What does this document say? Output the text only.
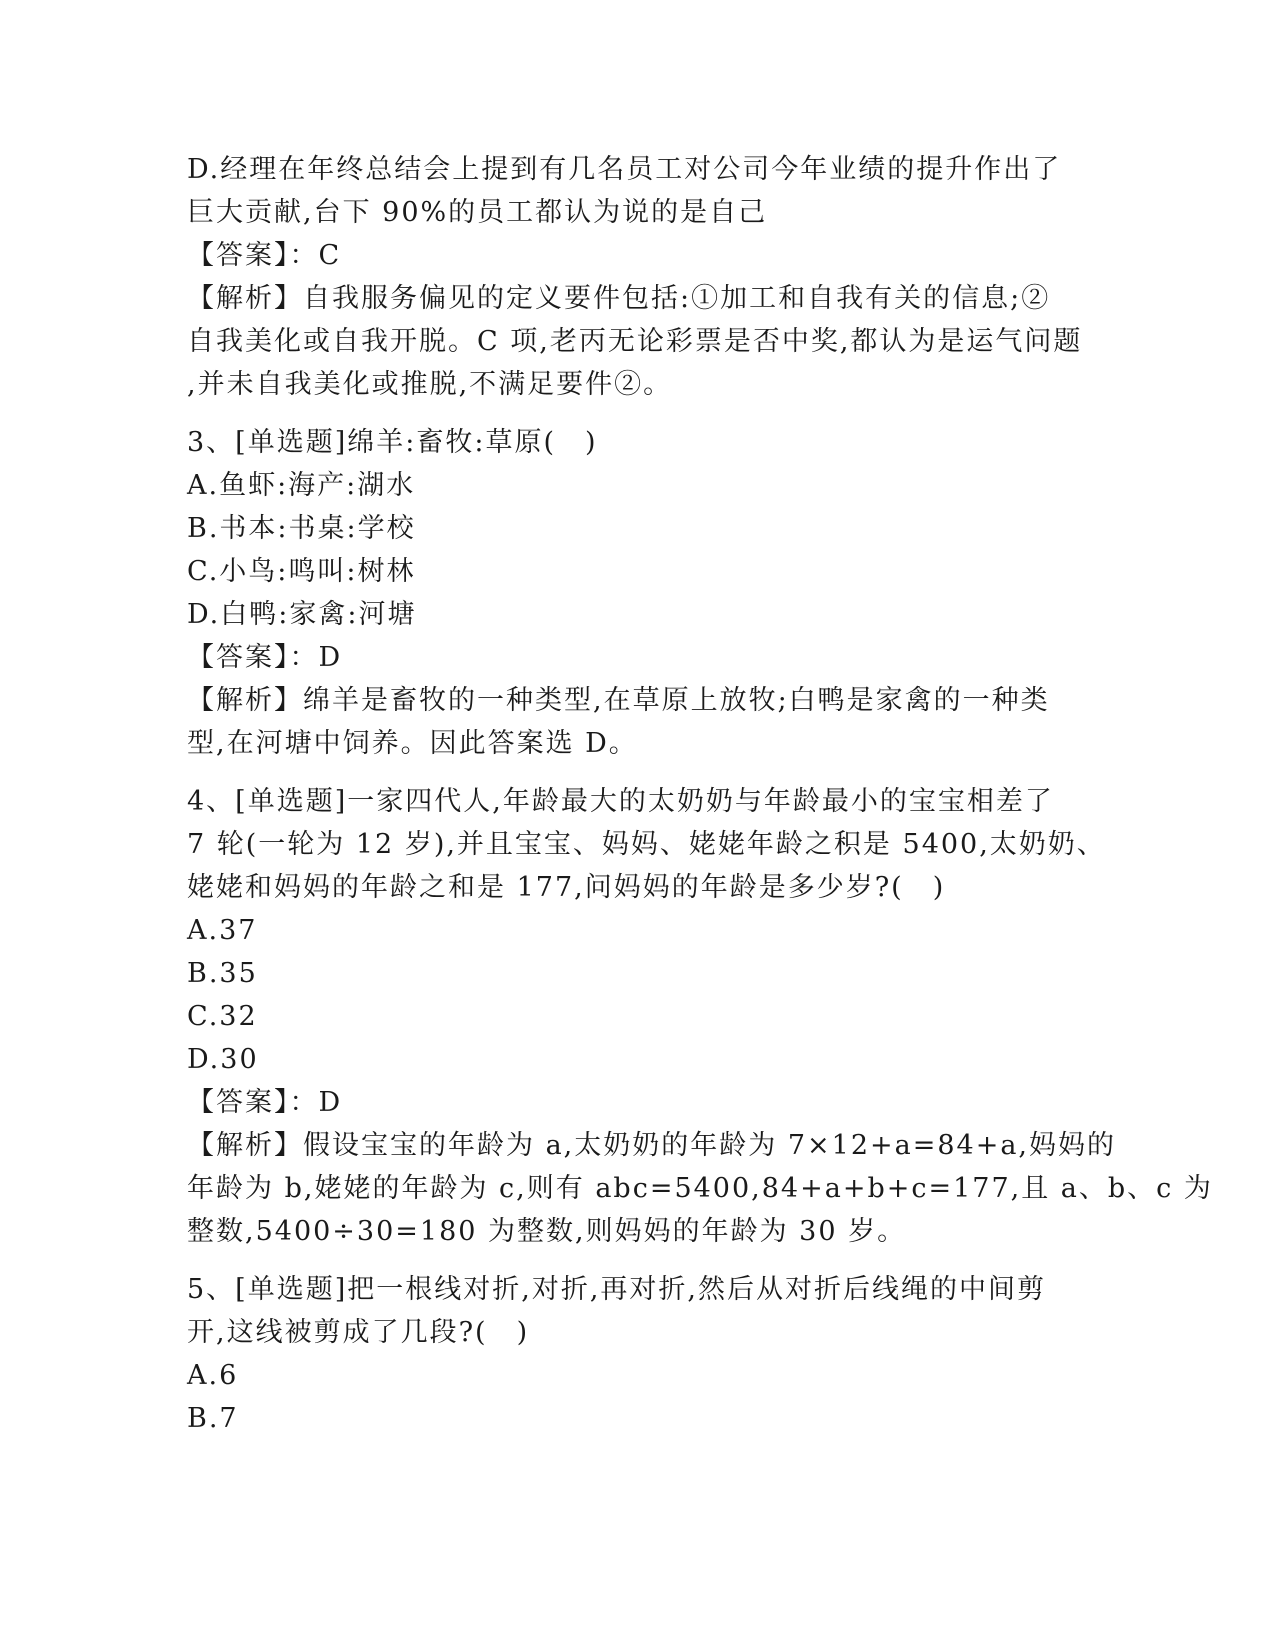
D.经理在年终总结会上提到有几名员工对公司今年业绩的提升作出了
巨大贡献,台下 90%的员工都认为说的是自己
【答案】：C
【解析】自我服务偏见的定义要件包括:①加工和自我有关的信息;②
自我美化或自我开脱。C 项,老丙无论彩票是否中奖,都认为是运气问题
,并未自我美化或推脱,不满足要件②。
3、[单选题]绵羊:畜牧:草原(　)
A.鱼虾:海产:湖水
B.书本:书桌:学校
C.小鸟:鸣叫:树林
D.白鸭:家禽:河塘
【答案】：D
【解析】绵羊是畜牧的一种类型,在草原上放牧;白鸭是家禽的一种类
型,在河塘中饲养。因此答案选 D。
4、[单选题]一家四代人,年龄最大的太奶奶与年龄最小的宝宝相差了
7 轮(一轮为 12 岁),并且宝宝、妈妈、姥姥年龄之积是 5400,太奶奶、
姥姥和妈妈的年龄之和是 177,问妈妈的年龄是多少岁?(　)
A.37
B.35
C.32
D.30
【答案】：D
【解析】假设宝宝的年龄为 a,太奶奶的年龄为 7×12+a=84+a,妈妈的
年龄为 b,姥姥的年龄为 c,则有 abc=5400,84+a+b+c=177,且 a、b、c 为
整数,5400÷30=180 为整数,则妈妈的年龄为 30 岁。
5、[单选题]把一根线对折,对折,再对折,然后从对折后线绳的中间剪
开,这线被剪成了几段?(　)
A.6
B.7
